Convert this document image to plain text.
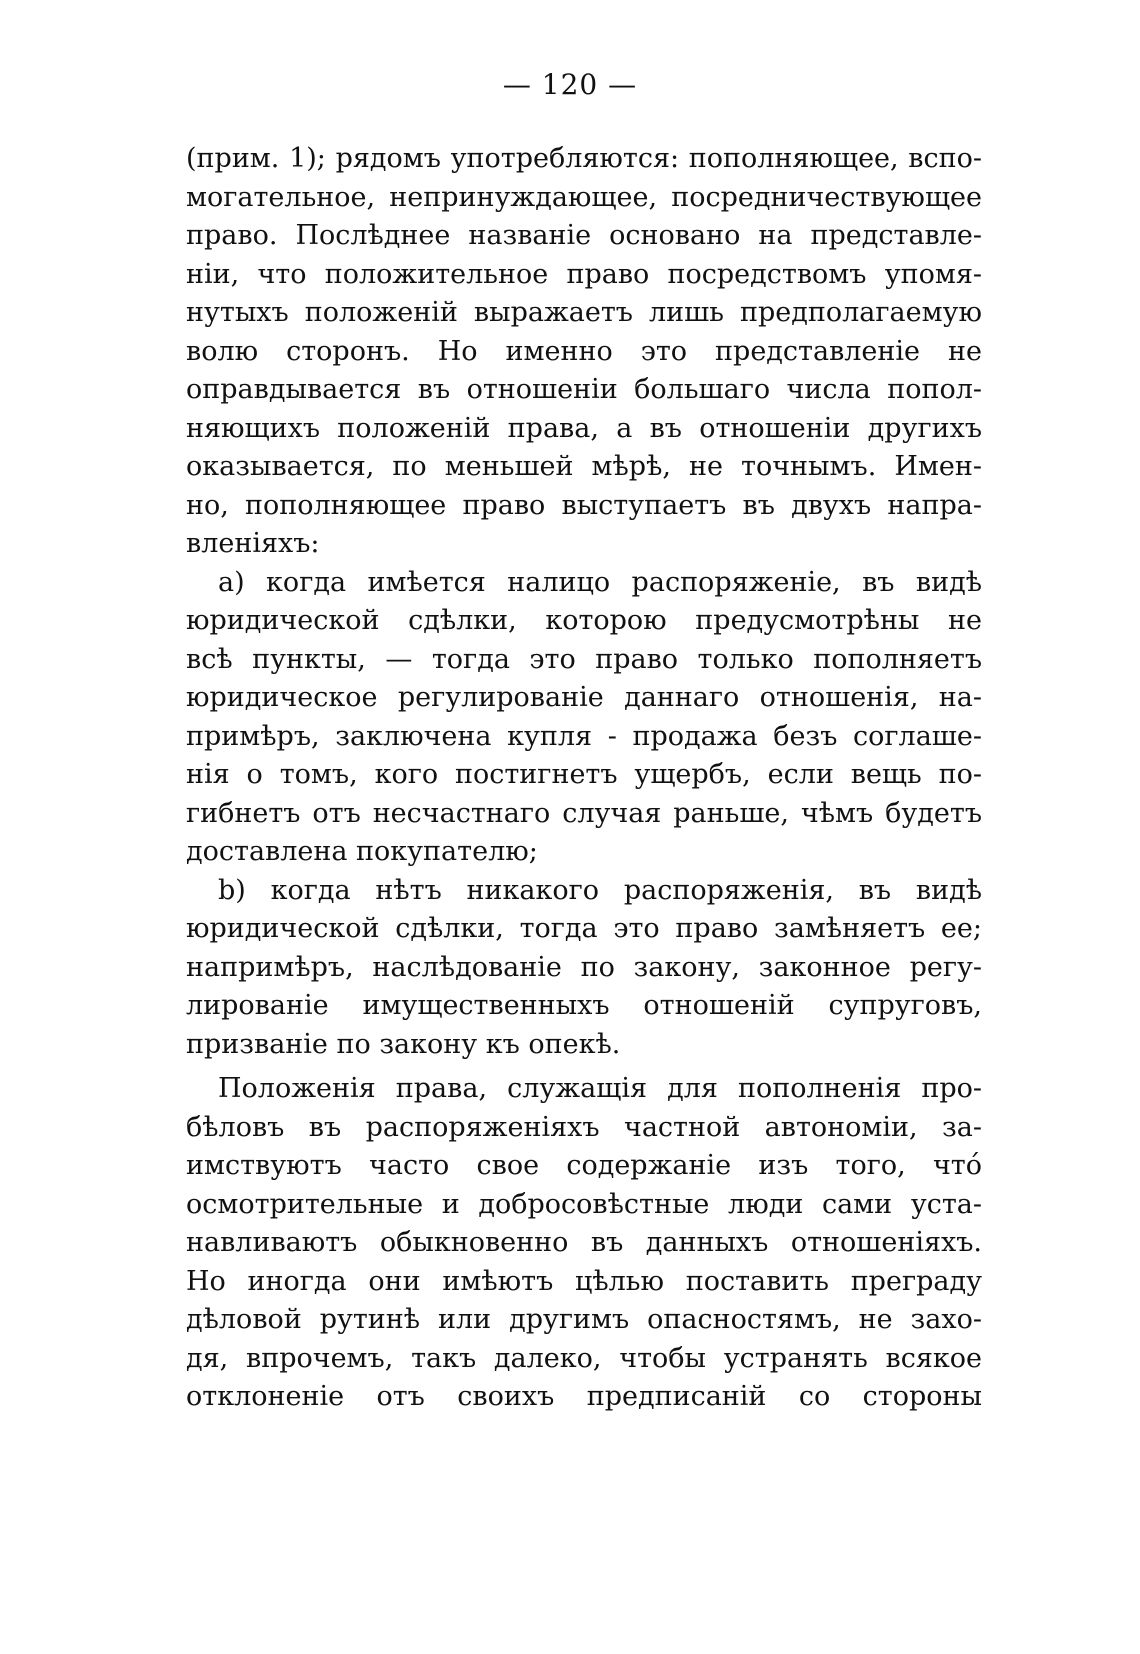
— 120 —
(прим. 1); рядомъ употребляются: пополняющее, вспо-
могательное, непринуждающее, посредничествующее
право. Послѣднее названіе основано на представле-
ніи, что положительное право посредствомъ упомя-
нутыхъ положеній выражаетъ лишь предполагаемую
волю сторонъ. Но именно это представленіе не
оправдывается въ отношеніи большаго числа попол-
няющихъ положеній права, а въ отношеніи другихъ
оказывается, по меньшей мѣрѣ, не точнымъ. Имен-
но, пополняющее право выступаетъ въ двухъ напра-
вленіяхъ:
a) когда имѣется налицо распоряженіе, въ видѣ
юридической сдѣлки, которою предусмотрѣны не
всѣ пункты, — тогда это право только пополняетъ
юридическое регулированіе даннаго отношенія, на-
примѣръ, заключена купля - продажа безъ соглаше-
нія о томъ, кого постигнетъ ущербъ, если вещь по-
гибнетъ отъ несчастнаго случая раньше, чѣмъ будетъ
доставлена покупателю;
b) когда нѣтъ никакого распоряженія, въ видѣ
юридической сдѣлки, тогда это право замѣняетъ ее;
напримѣръ, наслѣдованіе по закону, законное регу-
лированіе имущественныхъ отношеній супруговъ,
призваніе по закону къ опекѣ.
Положенія права, служащія для пополненія про-
бѣловъ въ распоряженіяхъ частной автономіи, за-
имствуютъ часто свое содержаніе изъ того, что́
осмотрительные и добросовѣстные люди сами уста-
навливаютъ обыкновенно въ данныхъ отношеніяхъ.
Но иногда они имѣютъ цѣлью поставить преграду
дѣловой рутинѣ или другимъ опасностямъ, не захо-
дя, впрочемъ, такъ далеко, чтобы устранять всякое
отклоненіе отъ своихъ предписаній со стороны
